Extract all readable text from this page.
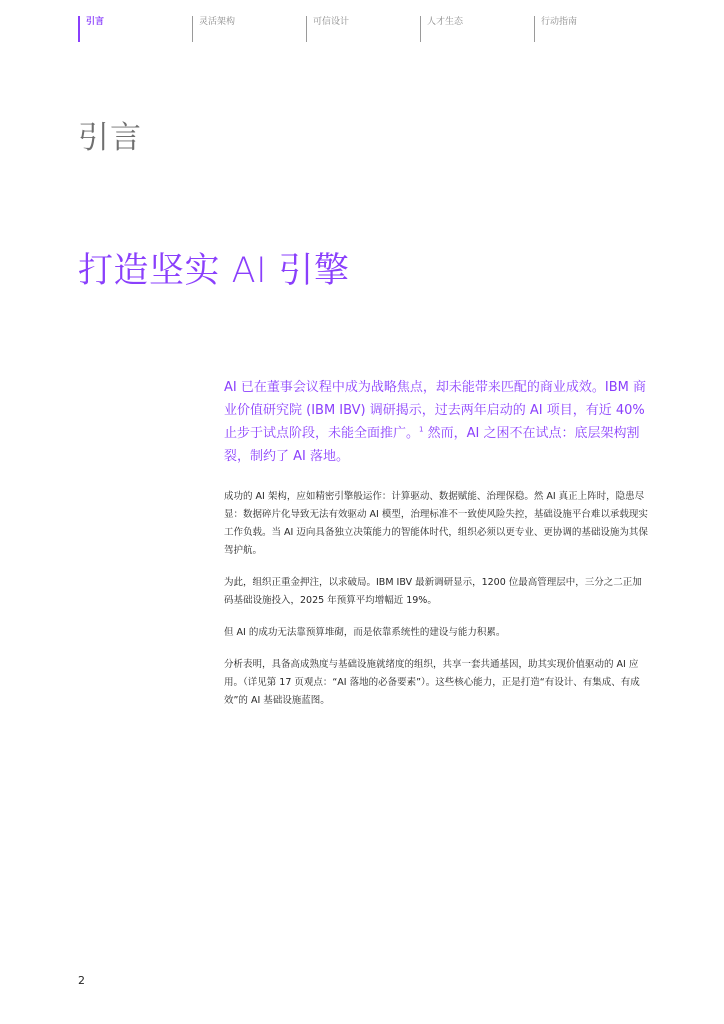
引言	灵活架构	可信设计	人才生态	行动指南
引言
打造坚实 AI 引擎

AI 已在董事会议程中成为战略焦点，却未能带来匹配的商业成效。IBM 商业价值研究院 (IBM IBV) 调研揭示，过去两年启动的 AI 项目，有近 40% 止步于试点阶段，未能全面推广。$^1$ 然而，AI 之困不在试点：底层架构割裂，制约了 AI 落地。

成功的 AI 架构，应如精密引擎般运作：计算驱动、数据赋能、治理保稳。然 AI 真正上阵时，隐患尽显：数据碎片化导致无法有效驱动 AI 模型，治理标准不一致使风险失控，基础设施平台难以承载现实工作负载。当 AI 迈向具备独立决策能力的智能体时代，组织必须以更专业、更协调的基础设施为其保驾护航。

为此，组织正重金押注，以求破局。IBM IBV 最新调研显示，1200 位最高管理层中，三分之二正加码基础设施投入，2025 年预算平均增幅近 19%。

但 AI 的成功无法靠预算堆砌，而是依靠系统性的建设与能力积累。

分析表明，具备高成熟度与基础设施就绪度的组织，共享一套共通基因，助其实现价值驱动的 AI 应用。（详见第 17 页观点：“AI 落地的必备要素”）。这些核心能力，正是打造“有设计、有集成、有成效”的 AI 基础设施蓝图。

2
